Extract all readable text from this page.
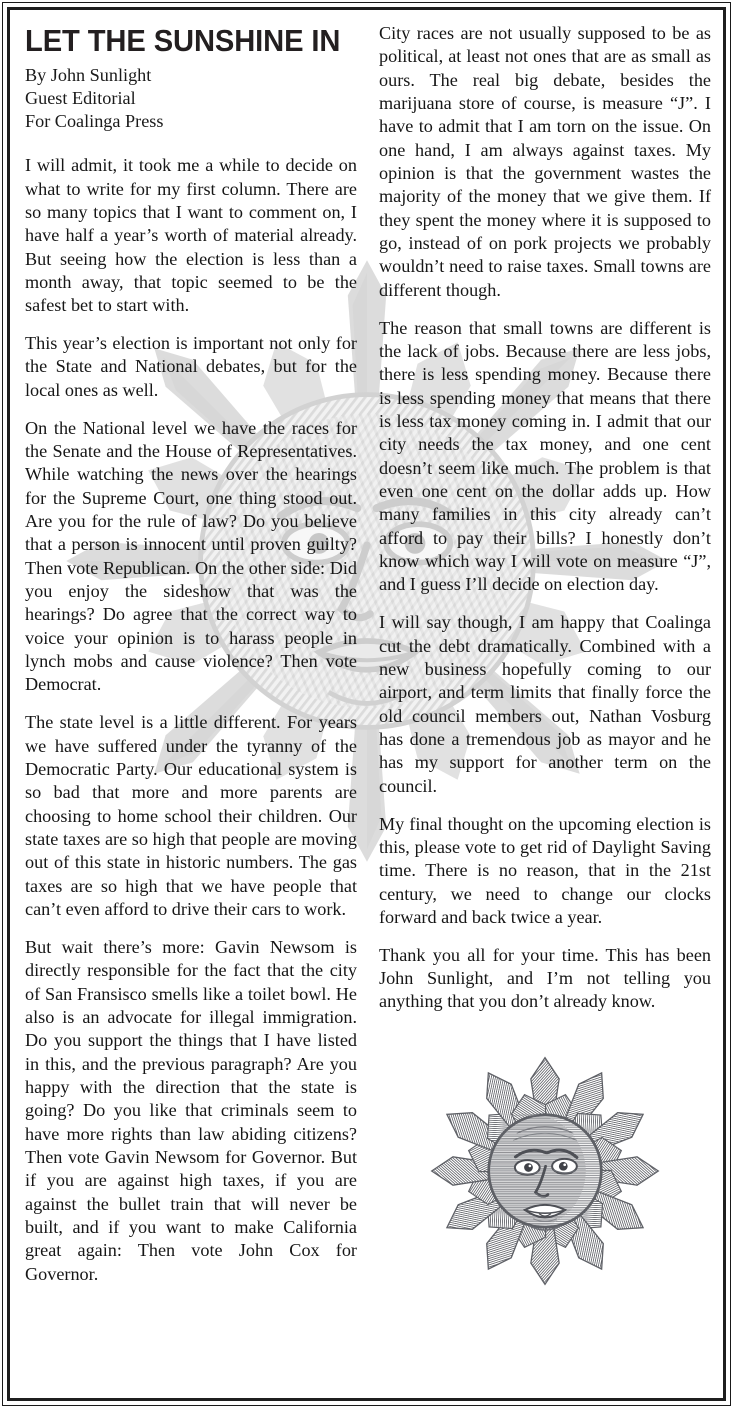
LET THE SUNSHINE IN
By John Sunlight
Guest Editorial
For Coalinga Press

I will admit, it took me a while to decide on what to write for my first column. There are so many topics that I want to comment on, I have half a year’s worth of material already. But seeing how the election is less than a month away, that topic seemed to be the safest bet to start with.

This year’s election is important not only for the State and National debates, but for the local ones as well.

On the National level we have the races for the Senate and the House of Representatives. While watching the news over the hearings for the Supreme Court, one thing stood out. Are you for the rule of law? Do you believe that a person is innocent until proven guilty? Then vote Republican. On the other side: Did you enjoy the sideshow that was the hearings? Do agree that the correct way to voice your opinion is to harass people in lynch mobs and cause violence? Then vote Democrat.

The state level is a little different. For years we have suffered under the tyranny of the Democratic Party. Our educational system is so bad that more and more parents are choosing to home school their children. Our state taxes are so high that people are moving out of this state in historic numbers. The gas taxes are so high that we have people that can’t even afford to drive their cars to work.

But wait there’s more: Gavin Newsom is directly responsible for the fact that the city of San Fransisco smells like a toilet bowl. He also is an advocate for illegal immigration. Do you support the things that I have listed in this, and the previous paragraph? Are you happy with the direction that the state is going? Do you like that criminals seem to have more rights than law abiding citizens? Then vote Gavin Newsom for Governor. But if you are against high taxes, if you are against the bullet train that will never be built, and if you want to make California great again: Then vote John Cox for Governor.

City races are not usually supposed to be as political, at least not ones that are as small as ours. The real big debate, besides the marijuana store of course, is measure “J”. I have to admit that I am torn on the issue. On one hand, I am always against taxes. My opinion is that the government wastes the majority of the money that we give them. If they spent the money where it is supposed to go, instead of on pork projects we probably wouldn’t need to raise taxes. Small towns are different though.

The reason that small towns are different is the lack of jobs. Because there are less jobs, there is less spending money. Because there is less spending money that means that there is less tax money coming in. I admit that our city needs the tax money, and one cent doesn’t seem like much. The problem is that even one cent on the dollar adds up. How many families in this city already can’t afford to pay their bills? I honestly don’t know which way I will vote on measure “J”, and I guess I’ll decide on election day.

I will say though, I am happy that Coalinga cut the debt dramatically. Combined with a new business hopefully coming to our airport, and term limits that finally force the old council members out, Nathan Vosburg has done a tremendous job as mayor and he has my support for another term on the council.

My final thought on the upcoming election is this, please vote to get rid of Daylight Saving time. There is no reason, that in the 21st century, we need to change our clocks forward and back twice a year.

Thank you all for your time. This has been John Sunlight, and I’m not telling you anything that you don’t already know.
